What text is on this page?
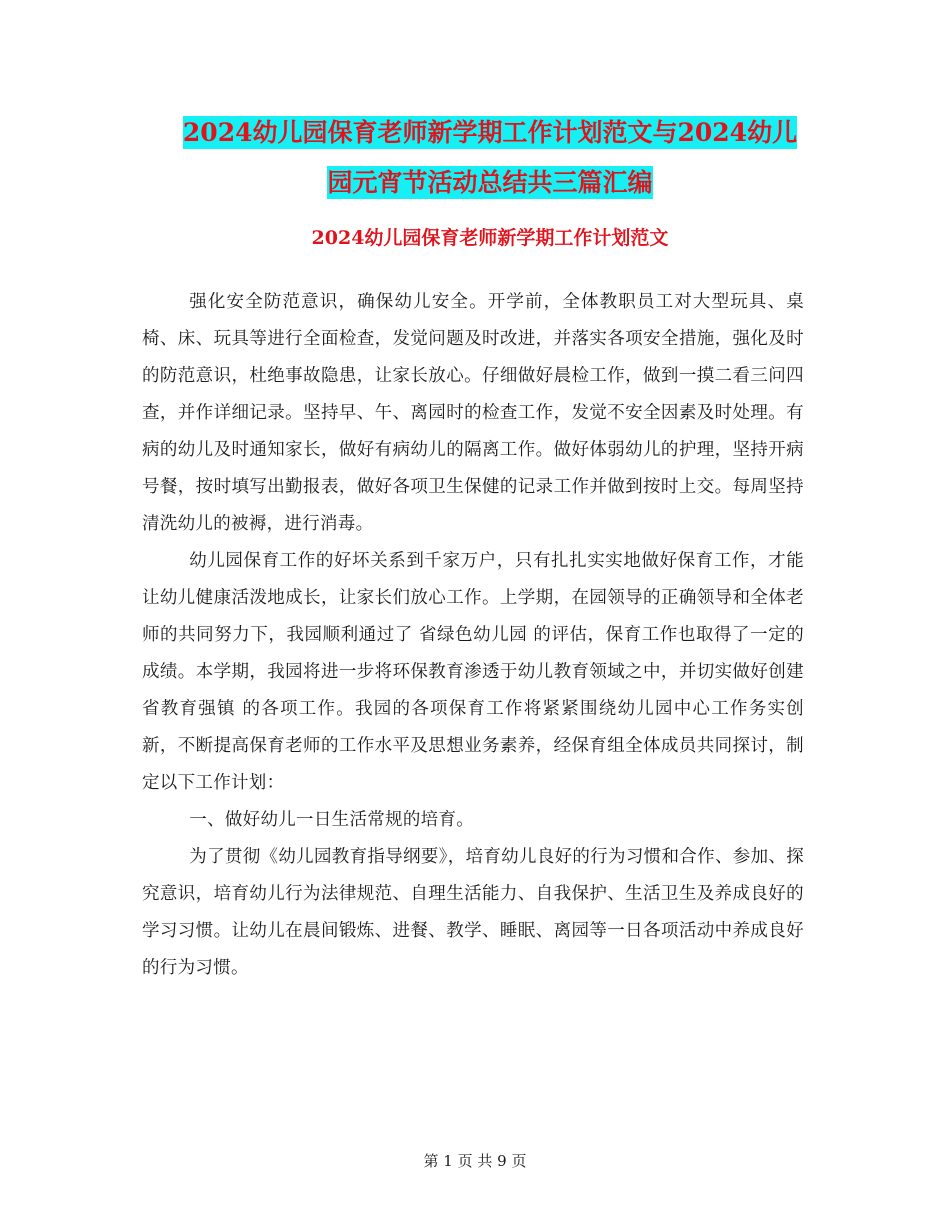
2024幼儿园保育老师新学期工作计划范文与2024幼儿
园元宵节活动总结共三篇汇编
2024幼儿园保育老师新学期工作计划范文

强化安全防范意识，确保幼儿安全。开学前，全体教职员工对大型玩具、桌椅、床、玩具等进行全面检查，发觉问题及时改进，并落实各项安全措施，强化及时的防范意识，杜绝事故隐患，让家长放心。仔细做好晨检工作，做到一摸二看三问四查，并作详细记录。坚持早、午、离园时的检查工作，发觉不安全因素及时处理。有病的幼儿及时通知家长，做好有病幼儿的隔离工作。做好体弱幼儿的护理，坚持开病号餐，按时填写出勤报表，做好各项卫生保健的记录工作并做到按时上交。每周坚持清洗幼儿的被褥，进行消毒。

幼儿园保育工作的好坏关系到千家万户，只有扎扎实实地做好保育工作，才能让幼儿健康活泼地成长，让家长们放心工作。上学期，在园领导的正确领导和全体老师的共同努力下，我园顺利通过了 省绿色幼儿园 的评估，保育工作也取得了一定的成绩。本学期，我园将进一步将环保教育渗透于幼儿教育领域之中，并切实做好创建 省教育强镇 的各项工作。我园的各项保育工作将紧紧围绕幼儿园中心工作务实创新，不断提高保育老师的工作水平及思想业务素养，经保育组全体成员共同探讨，制定以下工作计划：

一、做好幼儿一日生活常规的培育。

为了贯彻《幼儿园教育指导纲要》，培育幼儿良好的行为习惯和合作、参加、探究意识，培育幼儿行为法律规范、自理生活能力、自我保护、生活卫生及养成良好的学习习惯。让幼儿在晨间锻炼、进餐、教学、睡眠、离园等一日各项活动中养成良好的行为习惯。

第 1 页 共 9 页
